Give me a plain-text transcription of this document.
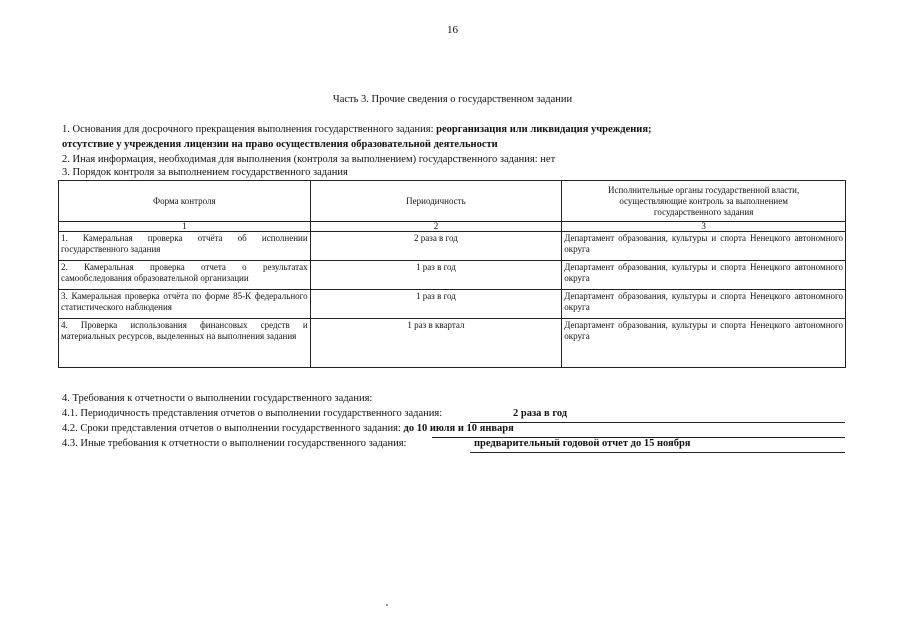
16
Часть 3. Прочие сведения о государственном задании
1. Основания для досрочного прекращения выполнения государственного задания: реорганизация или ликвидация учреждения;
отсутствие у учреждения лицензии на право осуществления образовательной деятельности
2. Иная информация, необходимая для выполнения (контроля за выполнением) государственного задания: нет
3. Порядок контроля за выполнением государственного задания
Форма контроля	Периодичность	Исполнительные органы государственной власти, осуществляющие контроль за выполнением государственного задания
1	2	3
1. Камеральная проверка отчёта об исполнении государственного задания	2 раза в год	Департамент образования, культуры и спорта Ненецкого автономного округа
2. Камеральная проверка отчета о результатах самообследования образовательной организации	1 раз в год	Департамент образования, культуры и спорта Ненецкого автономного округа
3. Камеральная проверка отчёта по форме 85-К федерального статистического наблюдения	1 раз в год	Департамент образования, культуры и спорта Ненецкого автономного округа
4. Проверка использования финансовых средств и материальных ресурсов, выделенных на выполнения задания	1 раз в квартал	Департамент образования, культуры и спорта Ненецкого автономного округа
4. Требования к отчетности о выполнении государственного задания:
4.1. Периодичность представления отчетов о выполнении государственного задания:	2 раза в год
4.2. Сроки представления отчетов о выполнении государственного задания: до 10 июля и 10 января
4.3. Иные требования к отчетности о выполнении государственного задания:	предварительный годовой отчет до 15 ноября
